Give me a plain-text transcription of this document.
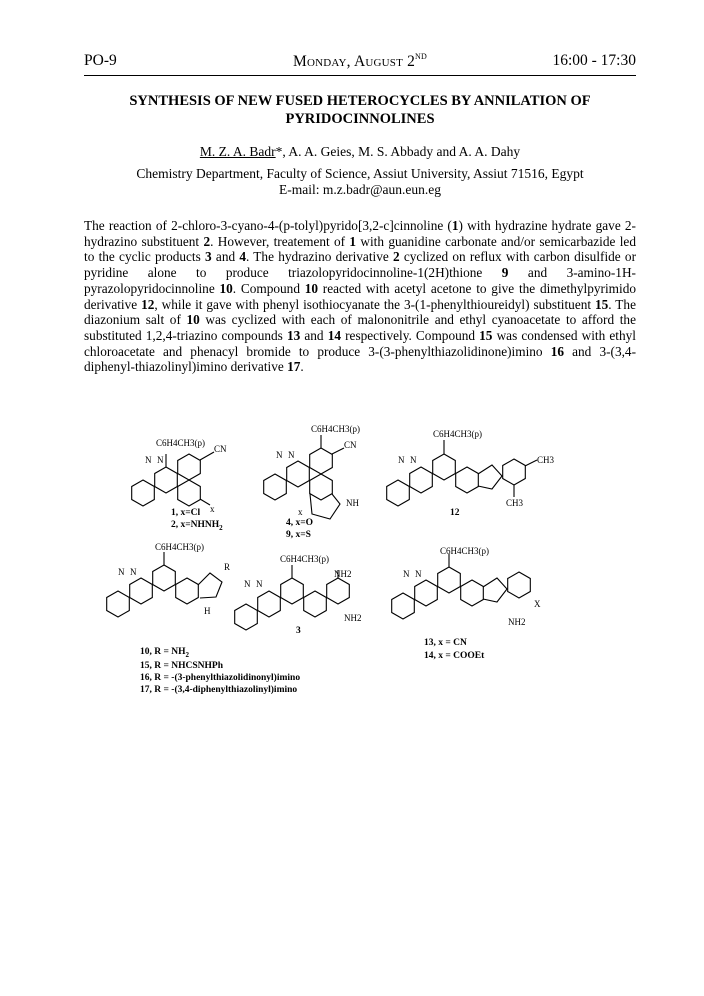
PO-9	Monday, August 2ND	16:00 - 17:30
SYNTHESIS OF NEW FUSED HETEROCYCLES BY ANNILATION OF
PYRIDOCINNOLINES
M. Z. A. Badr*, A. A. Geies, M. S. Abbady and A. A. Dahy
Chemistry Department, Faculty of Science, Assiut University, Assiut 71516, Egypt
E-mail: m.z.badr@aun.eun.eg
The reaction of 2-chloro-3-cyano-4-(p-tolyl)pyrido[3,2-c]cinnoline (1) with hydrazine hydrate gave 2-hydrazino substituent 2. However, treatement of 1 with guanidine carbonate and/or semicarbazide led to the cyclic products 3 and 4. The hydrazino derivative 2 cyclized on reflux with carbon disulfide or pyridine alone to produce triazolopyridocinnoline-1(2H)thione 9 and 3-amino-1H-pyrazolopyridocinnoline 10. Compound 10 reacted with acetyl acetone to give the dimethylpyrimido derivative 12, while it gave with phenyl isothiocyanate the 3-(1-phenylthioureidyl) substituent 15. The diazonium salt of 10 was cyclized with each of malononitrile and ethyl cyanoacetate to afford the substituted 1,2,4-triazino compounds 13 and 14 respectively. Compound 15 was condensed with ethyl chloroacetate and phenacyl bromide to produce 3-(3-phenylthiazolidinone)imino 16 and 3-(3,4-diphenyl-thiazolinyl)imino derivative 17.
C6H4CH3(p)
C6H4CH3(p)	C6H4CH3(p)
C6H4CH3(p)
C6H4CH3(p)
C6H4CH3(p)
N N
CN
x
N N
CN
NH
x
N N	CH3
CH3
N N	R
H
N N
NH2
NH2
N N
X
NH2
1, x=Cl
2, $x=NHNH_2$	4, x=O
9, x=S
12
3
10, $R = NH_2$
15, R = NHCSNHPh
16, R = -(3-phenylthiazolidinonyl)imino
17, R = -(3,4-diphenylthiazolinyl)imino
13, x = CN
14, x = COOEt
